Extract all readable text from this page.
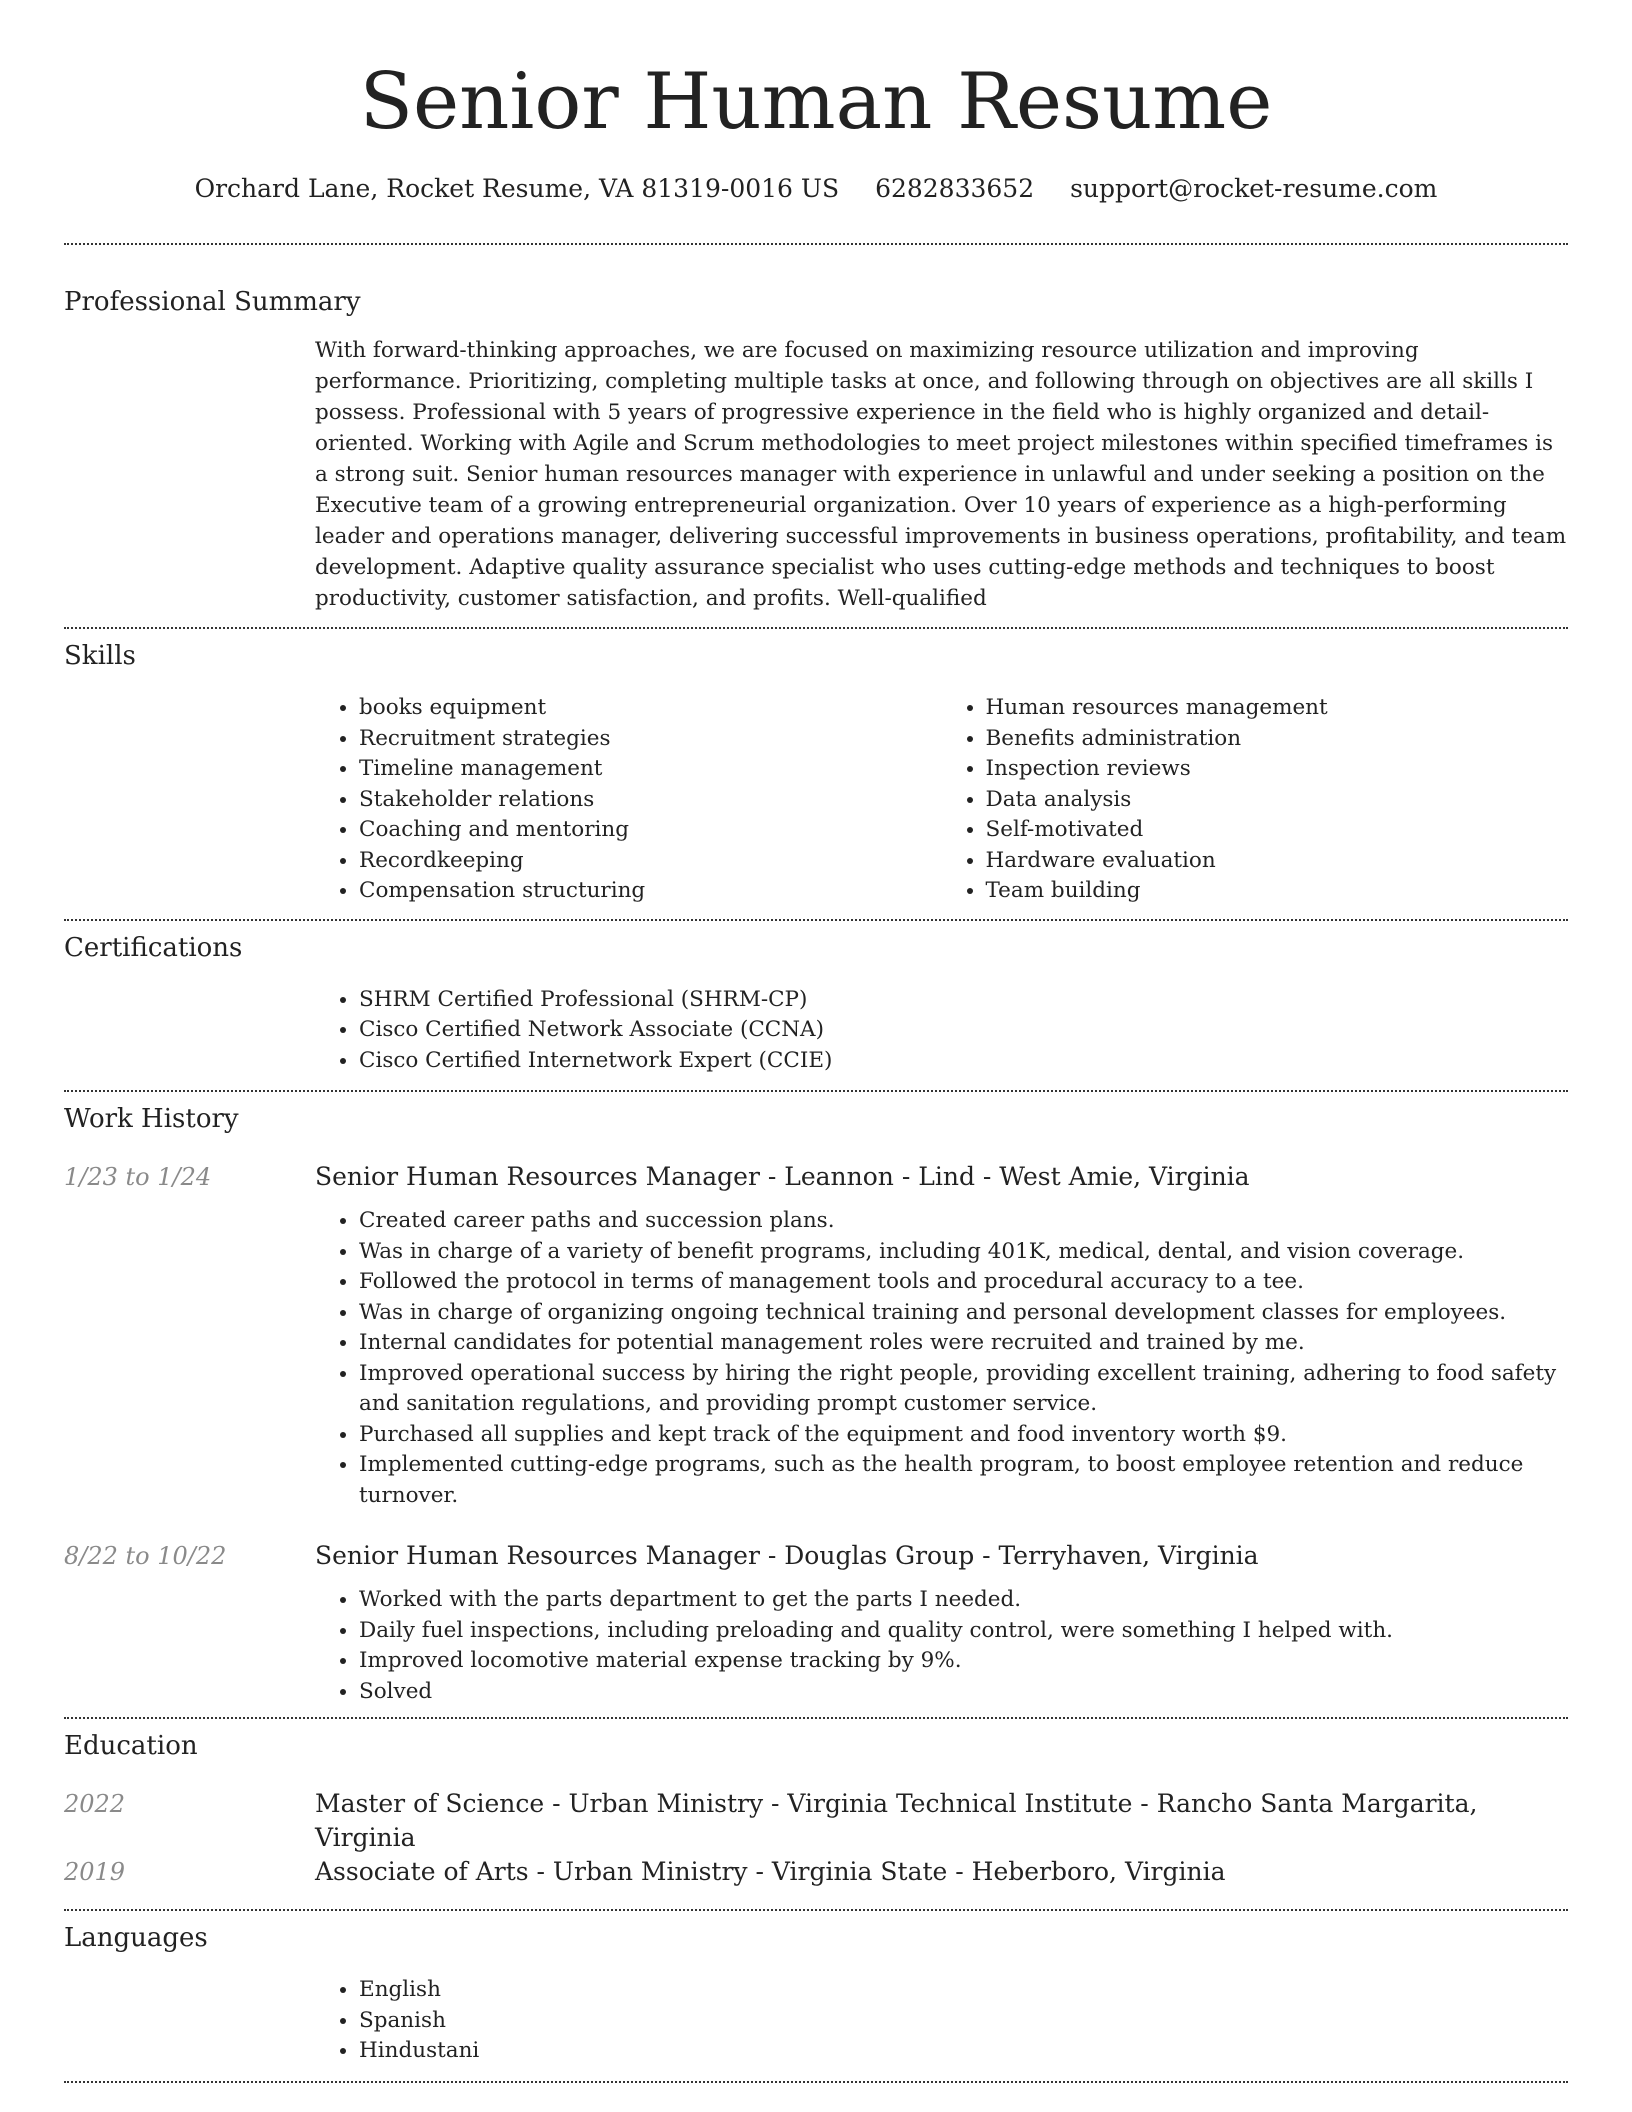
Senior Human Resume
Orchard Lane, Rocket Resume, VA 81319-0016 US 6282833652 support@rocket-resume.com
Professional Summary

With forward-thinking approaches, we are focused on maximizing resource utilization and improving performance. Prioritizing, completing multiple tasks at once, and following through on objectives are all skills I possess. Professional with 5 years of progressive experience in the field who is highly organized and detail-oriented. Working with Agile and Scrum methodologies to meet project milestones within specified timeframes is a strong suit. Senior human resources manager with experience in unlawful and under seeking a position on the Executive team of a growing entrepreneurial organization. Over 10 years of experience as a high-performing leader and operations manager, delivering successful improvements in business operations, profitability, and team development. Adaptive quality assurance specialist who uses cutting-edge methods and techniques to boost productivity, customer satisfaction, and profits. Well-qualified

Skills
• books equipment
• Recruitment strategies
• Timeline management
• Stakeholder relations
• Coaching and mentoring
• Recordkeeping
• Compensation structuring
• Human resources management
• Benefits administration
• Inspection reviews
• Data analysis
• Self-motivated
• Hardware evaluation
• Team building
Certifications
• SHRM Certified Professional (SHRM-CP)
• Cisco Certified Network Associate (CCNA)
• Cisco Certified Internetwork Expert (CCIE)
Work History
1/23 to 1/24	Senior Human Resources Manager - Leannon - Lind - West Amie, Virginia
• Created career paths and succession plans.
• Was in charge of a variety of benefit programs, including 401K, medical, dental, and vision coverage.
• Followed the protocol in terms of management tools and procedural accuracy to a tee.
• Was in charge of organizing ongoing technical training and personal development classes for employees.
• Internal candidates for potential management roles were recruited and trained by me.
• Improved operational success by hiring the right people, providing excellent training, adhering to food safety and sanitation regulations, and providing prompt customer service.
• Purchased all supplies and kept track of the equipment and food inventory worth $9.
• Implemented cutting-edge programs, such as the health program, to boost employee retention and reduce turnover.
8/22 to 10/22	Senior Human Resources Manager - Douglas Group - Terryhaven, Virginia
• Worked with the parts department to get the parts I needed.
• Daily fuel inspections, including preloading and quality control, were something I helped with.
• Improved locomotive material expense tracking by 9%.
• Solved
Education
2022	Master of Science - Urban Ministry - Virginia Technical Institute - Rancho Santa Margarita, Virginia
2019	Associate of Arts - Urban Ministry - Virginia State - Heberboro, Virginia
Languages
• English
• Spanish
• Hindustani
